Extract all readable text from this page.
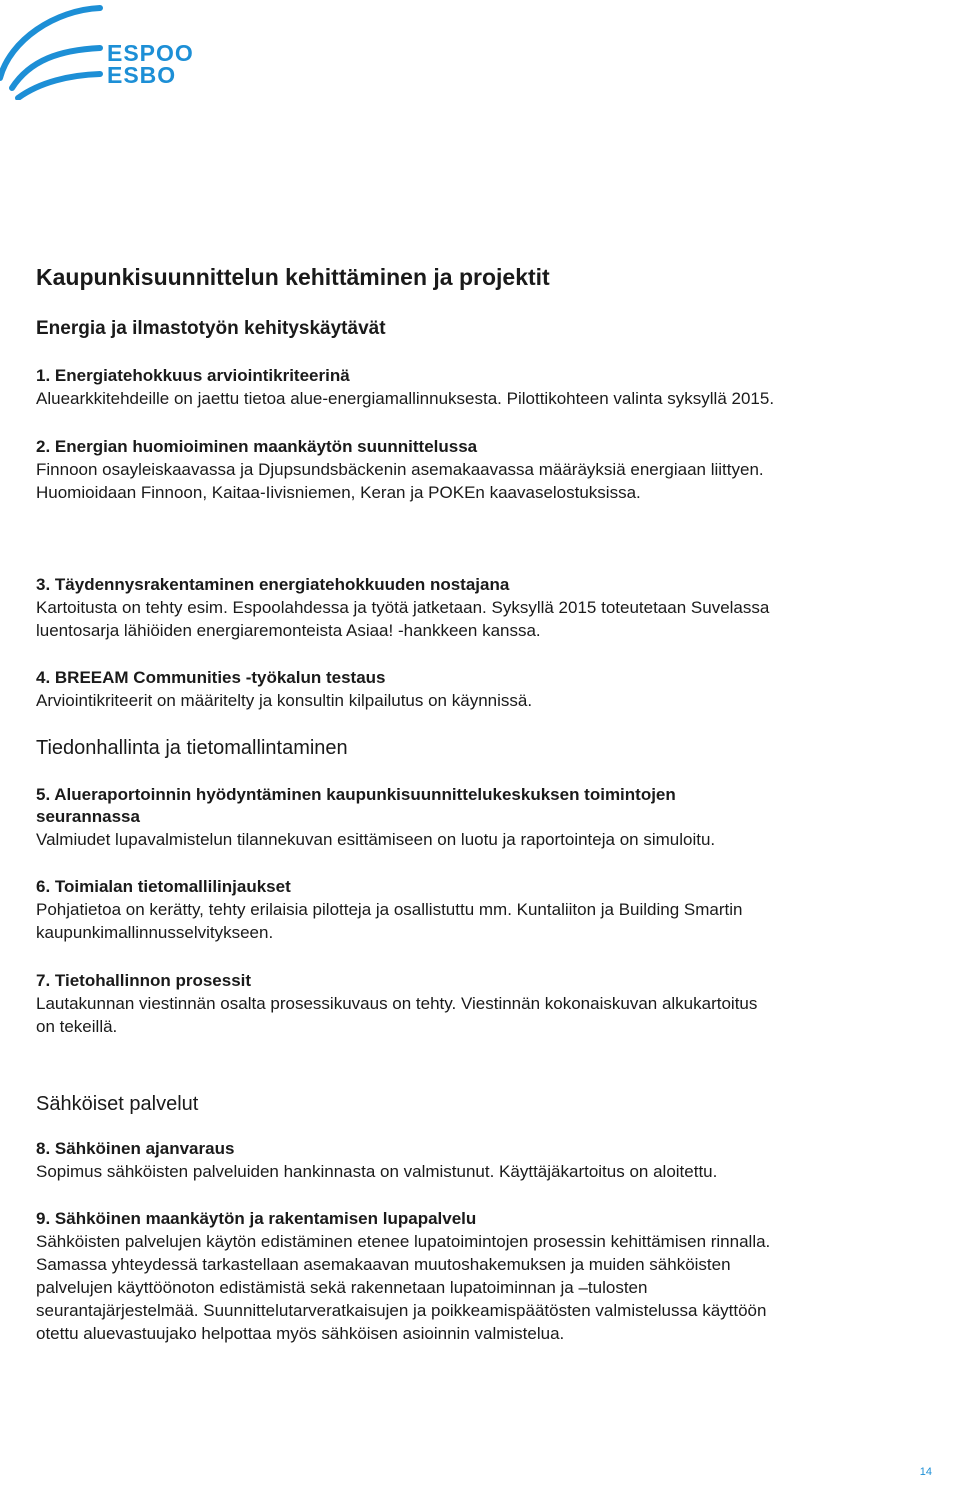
ESPOO
ESBO
Kaupunkisuunnittelun kehittäminen ja projektit
Energia ja ilmastotyön kehityskäytävät
1. Energiatehokkuus arviointikriteerinä
Aluearkkitehdeille on jaettu tietoa alue-energiamallinnuksesta. Pilottikohteen valinta syksyllä 2015.
2. Energian huomioiminen maankäytön suunnittelussa
Finnoon osayleiskaavassa ja Djupsundsbäckenin asemakaavassa määräyksiä energiaan liittyen.
Huomioidaan Finnoon, Kaitaa-Iivisniemen, Keran ja POKEn kaavaselostuksissa.
3. Täydennysrakentaminen energiatehokkuuden nostajana
Kartoitusta on tehty esim. Espoolahdessa ja työtä jatketaan. Syksyllä 2015 toteutetaan Suvelassa
luentosarja lähiöiden energiaremonteista Asiaa! -hankkeen kanssa.
4. BREEAM Communities -työkalun testaus
Arviointikriteerit on määritelty ja konsultin kilpailutus on käynnissä.
Tiedonhallinta ja tietomallintaminen
5. Alueraportoinnin hyödyntäminen kaupunkisuunnittelukeskuksen toimintojen
seurannassa
Valmiudet lupavalmistelun tilannekuvan esittämiseen on luotu ja raportointeja on simuloitu.
6. Toimialan tietomallilinjaukset
Pohjatietoa on kerätty, tehty erilaisia pilotteja ja osallistuttu mm. Kuntaliiton ja Building Smartin
kaupunkimallinnusselvitykseen.
7. Tietohallinnon prosessit
Lautakunnan viestinnän osalta prosessikuvaus on tehty. Viestinnän kokonaiskuvan alkukartoitus
on tekeillä.
Sähköiset palvelut
8. Sähköinen ajanvaraus
Sopimus sähköisten palveluiden hankinnasta on valmistunut. Käyttäjäkartoitus on aloitettu.
9. Sähköinen maankäytön ja rakentamisen lupapalvelu
Sähköisten palvelujen käytön edistäminen etenee lupatoimintojen prosessin kehittämisen rinnalla.
Samassa yhteydessä tarkastellaan asemakaavan muutoshakemuksen ja muiden sähköisten
palvelujen käyttöönoton edistämistä sekä rakennetaan lupatoiminnan ja –tulosten
seurantajärjestelmää. Suunnittelutarveratkaisujen ja poikkeamispäätösten valmistelussa käyttöön
otettu aluevastuujako helpottaa myös sähköisen asioinnin valmistelua.
14
